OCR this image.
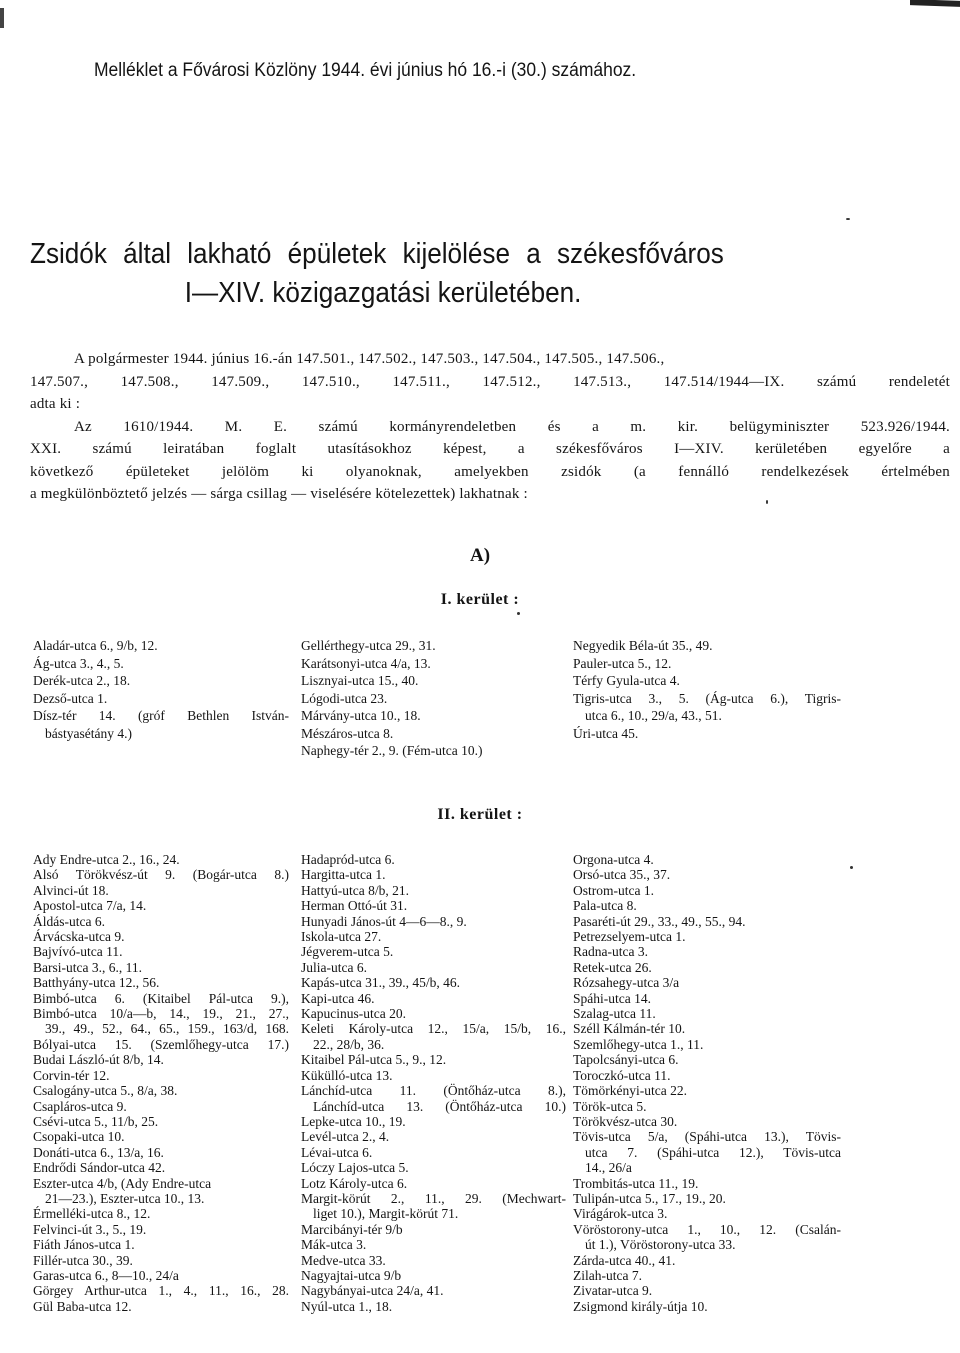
Melléklet a Fővárosi Közlöny 1944. évi június hó 16.-i (30.) számához.
Zsidók által lakható épületek kijelölése a székesfőváros
I—XIV. közigazgatási kerületében.
A polgármester 1944. június 16.-án 147.501., 147.502., 147.503., 147.504., 147.505., 147.506.,
147.507., 147.508., 147.509., 147.510., 147.511., 147.512., 147.513., 147.514/1944—IX. számú rendeletét
adta ki :
Az 1610/1944. M. E. számú kormányrendeletben és a m. kir. belügyminiszter 523.926/1944.
XXI. számú leiratában foglalt utasításokhoz képest, a székesfőváros I—XIV. kerületében egyelőre a
következő épületeket jelölöm ki olyanoknak, amelyekben zsidók (a fennálló rendelkezések értelmében
a megkülönböztető jelzés — sárga csillag — viselésére kötelezettek) lakhatnak :
A)
I. kerület :
Aladár-utca 6., 9/b, 12.
Ág-utca 3., 4., 5.
Derék-utca 2., 18.
Dezső-utca 1.
Dísz-tér 14. (gróf Bethlen István-
bástyasétány 4.)
Gellérthegy-utca 29., 31.
Karátsonyi-utca 4/a, 13.
Lisznyai-utca 15., 40.
Lógodi-utca 23.
Márvány-utca 10., 18.
Mészáros-utca 8.
Naphegy-tér 2., 9. (Fém-utca 10.)
Negyedik Béla-út 35., 49.
Pauler-utca 5., 12.
Térfy Gyula-utca 4.
Tigris-utca 3., 5. (Ág-utca 6.), Tigris-
utca 6., 10., 29/a, 43., 51.
Úri-utca 45.
II. kerület :
Ady Endre-utca 2., 16., 24.
Alsó Törökvész-út 9. (Bogár-utca 8.)
Alvinci-út 18.
Apostol-utca 7/a, 14.
Áldás-utca 6.
Árvácska-utca 9.
Bajvívó-utca 11.
Barsi-utca 3., 6., 11.
Batthyány-utca 12., 56.
Bimbó-utca 6. (Kitaibel Pál-utca 9.),
Bimbó-utca 10/a—b, 14., 19., 21., 27.,
39., 49., 52., 64., 65., 159., 163/d, 168.
Bólyai-utca 15. (Szemlőhegy-utca 17.)
Budai László-út 8/b, 14.
Corvin-tér 12.
Csalogány-utca 5., 8/a, 38.
Csapláros-utca 9.
Csévi-utca 5., 11/b, 25.
Csopaki-utca 10.
Donáti-utca 6., 13/a, 16.
Endrődi Sándor-utca 42.
Eszter-utca 4/b, (Ady Endre-utca
21—23.), Eszter-utca 10., 13.
Érmelléki-utca 8., 12.
Felvinci-út 3., 5., 19.
Fiáth János-utca 1.
Fillér-utca 30., 39.
Garas-utca 6., 8—10., 24/a
Görgey Arthur-utca 1., 4., 11., 16., 28.
Gül Baba-utca 12.
Hadapród-utca 6.
Hargitta-utca 1.
Hattyú-utca 8/b, 21.
Herman Ottó-út 31.
Hunyadi János-út 4—6—8., 9.
Iskola-utca 27.
Jégverem-utca 5.
Julia-utca 6.
Kapás-utca 31., 39., 45/b, 46.
Kapi-utca 46.
Kapucinus-utca 20.
Keleti Károly-utca 12., 15/a, 15/b, 16.,
22., 28/b, 36.
Kitaibel Pál-utca 5., 9., 12.
Kükülló-utca 13.
Lánchíd-utca 11. (Öntőház-utca 8.),
Lánchíd-utca 13. (Öntőház-utca 10.)
Lepke-utca 10., 19.
Levél-utca 2., 4.
Lévai-utca 6.
Lóczy Lajos-utca 5.
Lotz Károly-utca 6.
Margit-körút 2., 11., 29. (Mechwart-
liget 10.), Margit-körút 71.
Marcibányi-tér 9/b
Mák-utca 3.
Medve-utca 33.
Nagyajtai-utca 9/b
Nagybányai-utca 24/a, 41.
Nyúl-utca 1., 18.
Orgona-utca 4.
Orsó-utca 35., 37.
Ostrom-utca 1.
Pala-utca 8.
Pasaréti-út 29., 33., 49., 55., 94.
Petrezselyem-utca 1.
Radna-utca 3.
Retek-utca 26.
Rózsahegy-utca 3/a
Spáhi-utca 14.
Szalag-utca 11.
Széll Kálmán-tér 10.
Szemlőhegy-utca 1., 11.
Tapolcsányi-utca 6.
Toroczkó-utca 11.
Tömörkényi-utca 22.
Török-utca 5.
Törökvész-utca 30.
Tövis-utca 5/a, (Spáhi-utca 13.), Tövis-
utca 7. (Spáhi-utca 12.), Tövis-utca
14., 26/a
Trombitás-utca 11., 19.
Tulipán-utca 5., 17., 19., 20.
Virágárok-utca 3.
Vöröstorony-utca 1., 10., 12. (Csalán-
út 1.), Vöröstorony-utca 33.
Zárda-utca 40., 41.
Zilah-utca 7.
Zivatar-utca 9.
Zsigmond király-útja 10.
